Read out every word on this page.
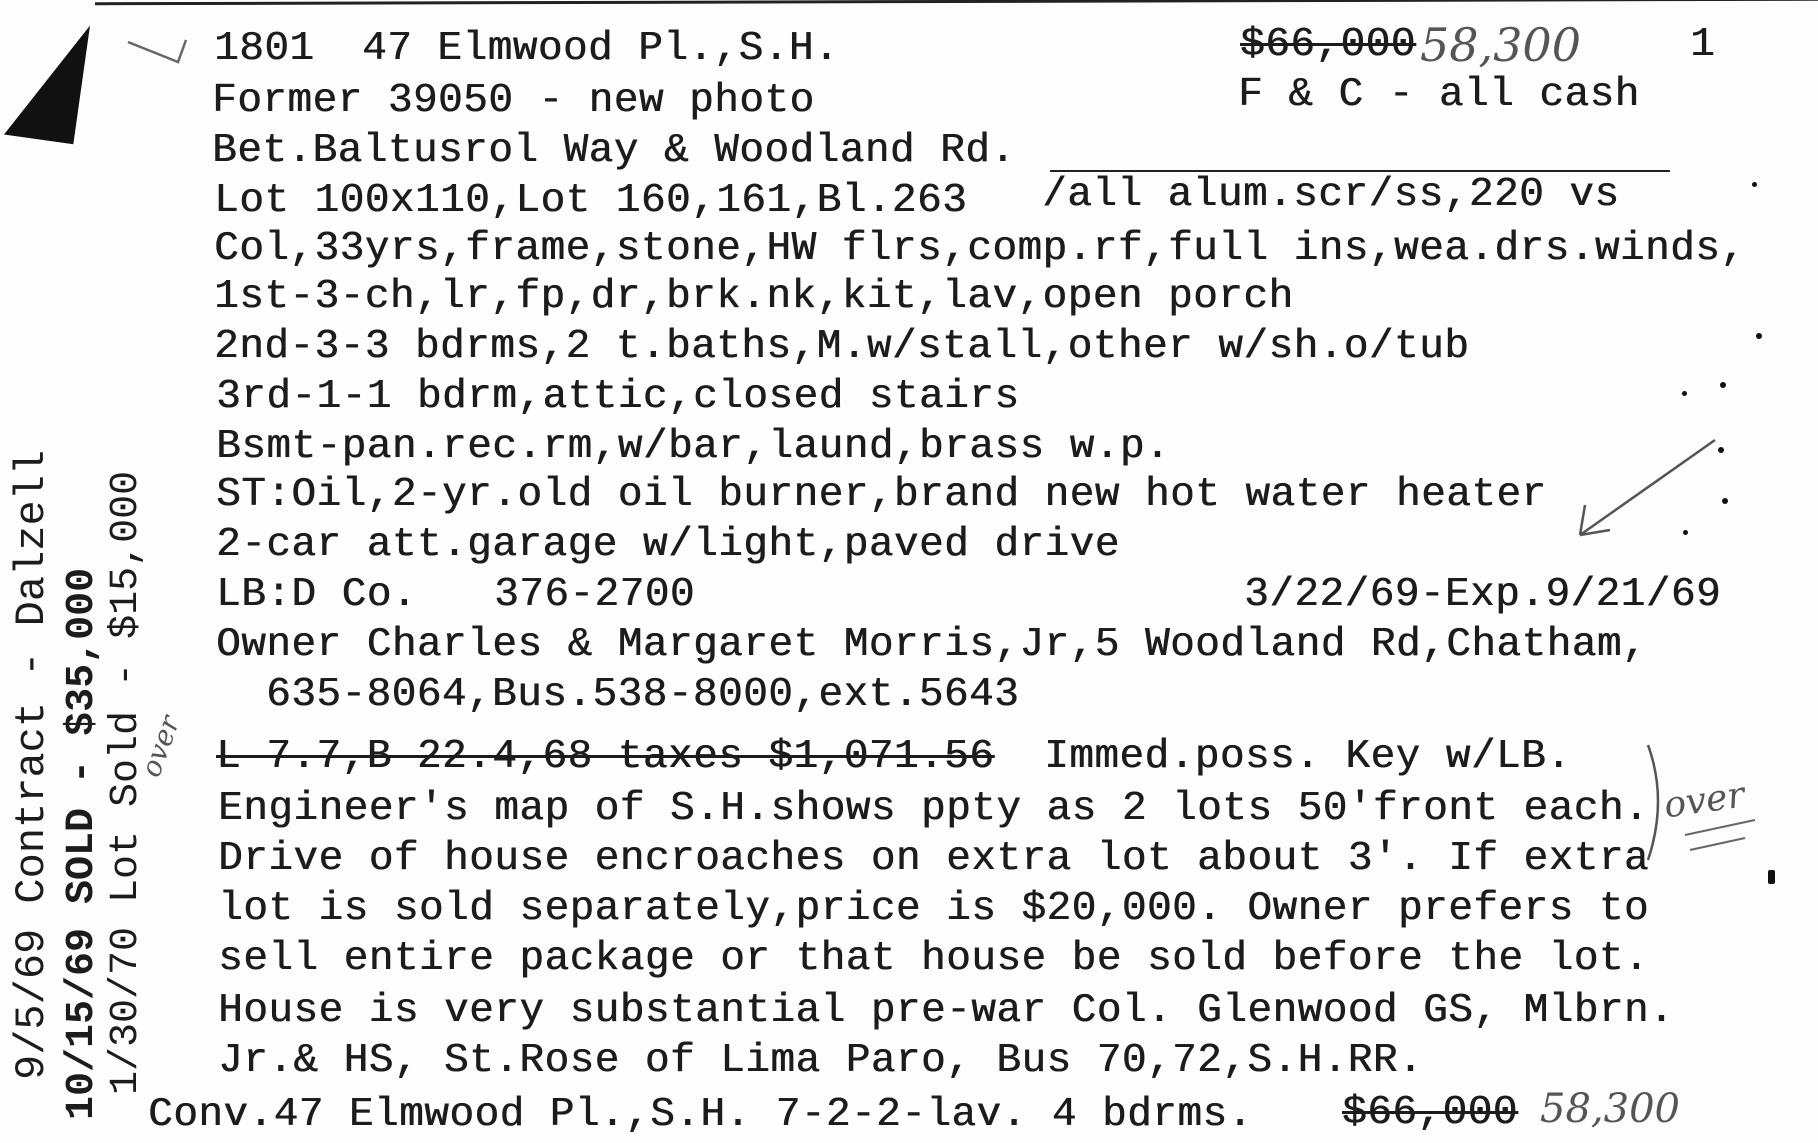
1801 47 Elmwood Pl.,S.H.	$66,000 58,300	1
Former 39050 - new photo	F & C - all cash
Bet.Baltusrol Way & Woodland Rd.
Lot 100x110,Lot 160,161,Bl.263 /all alum.scr/ss,220 vs
Col,33yrs,frame,stone,HW flrs,comp.rf,full ins,wea.drs.winds,
1st-3-ch,lr,fp,dr,brk.nk,kit,lav,open porch
2nd-3-3 bdrms,2 t.baths,M.w/stall,other w/sh.o/tub
3rd-1-1 bdrm,attic,closed stairs
Bsmt-pan.rec.rm,w/bar,laund,brass w.p.
ST:Oil,2-yr.old oil burner,brand new hot water heater
2-car att.garage w/light,paved drive
LB:D Co. 376-2700	3/22/69-Exp.9/21/69
Owner Charles & Margaret Morris,Jr,5 Woodland Rd,Chatham,
635-8064,Bus.538-8000,ext.5643
L 7.7,B 22.4,68 taxes $1,071.56 Immed.poss. Key w/LB.
Engineer's map of S.H.shows ppty as 2 lots 50'front each.
Drive of house encroaches on extra lot about 3'. If extra
lot is sold separately,price is $20,000. Owner prefers to
sell entire package or that house be sold before the lot.
House is very substantial pre-war Col. Glenwood GS, Mlbrn.
Jr.& HS, St.Rose of Lima Paro, Bus 70,72,S.H.RR.
over
Conv.47 Elmwood Pl.,S.H. 7-2-2-lav. 4 bdrms. $66,000 58,300
9/5/69 Contract - Dalzell 10/15/69 SOLD - $35,000 1/30/70 Lot Sold - $15,000
over
